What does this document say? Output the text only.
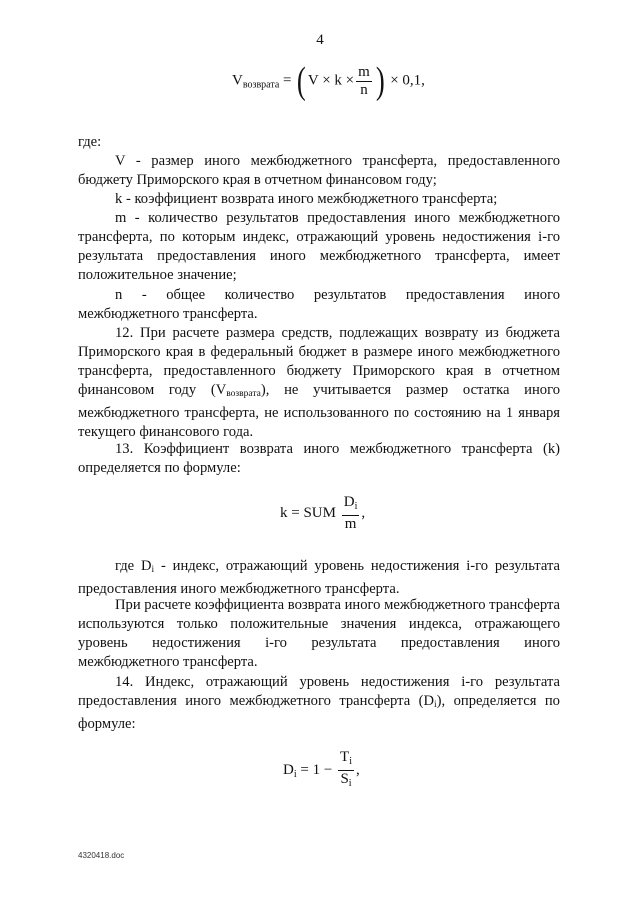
4
$V_{возврата}$ = ( $V \times k \times \frac{m}{n}$ ) × 0,1,

где:

V - размер иного межбюджетного трансферта, предоставленного бюджету Приморского края в отчетном финансовом году;

k - коэффициент возврата иного межбюджетного трансферта;

m - количество результатов предоставления иного межбюджетного трансферта, по которым индекс, отражающий уровень недостижения i-го результата предоставления иного межбюджетного трансферта, имеет положительное значение;

n - общее количество результатов предоставления иного межбюджетного трансферта.

12. При расчете размера средств, подлежащих возврату из бюджета Приморского края в федеральный бюджет в размере иного межбюджетного трансферта, предоставленного бюджету Приморского края в отчетном финансовом году (Vвозврата), не учитывается размер остатка иного межбюджетного трансферта, не использованного по состоянию на 1 января текущего финансового года.

13. Коэффициент возврата иного межбюджетного трансферта (k) определяется по формуле:

k = SUM $\frac{D_i}{m}$ ,

где Di - индекс, отражающий уровень недостижения i-го результата предоставления иного межбюджетного трансферта.

При расчете коэффициента возврата иного межбюджетного трансферта используются только положительные значения индекса, отражающего уровень недостижения i-го результата предоставления иного межбюджетного трансферта.

14. Индекс, отражающий уровень недостижения i-го результата предоставления иного межбюджетного трансферта (Di), определяется по формуле:

$D_i = 1 - \frac{T_i}{S_i}$ ,
4320418.doc
